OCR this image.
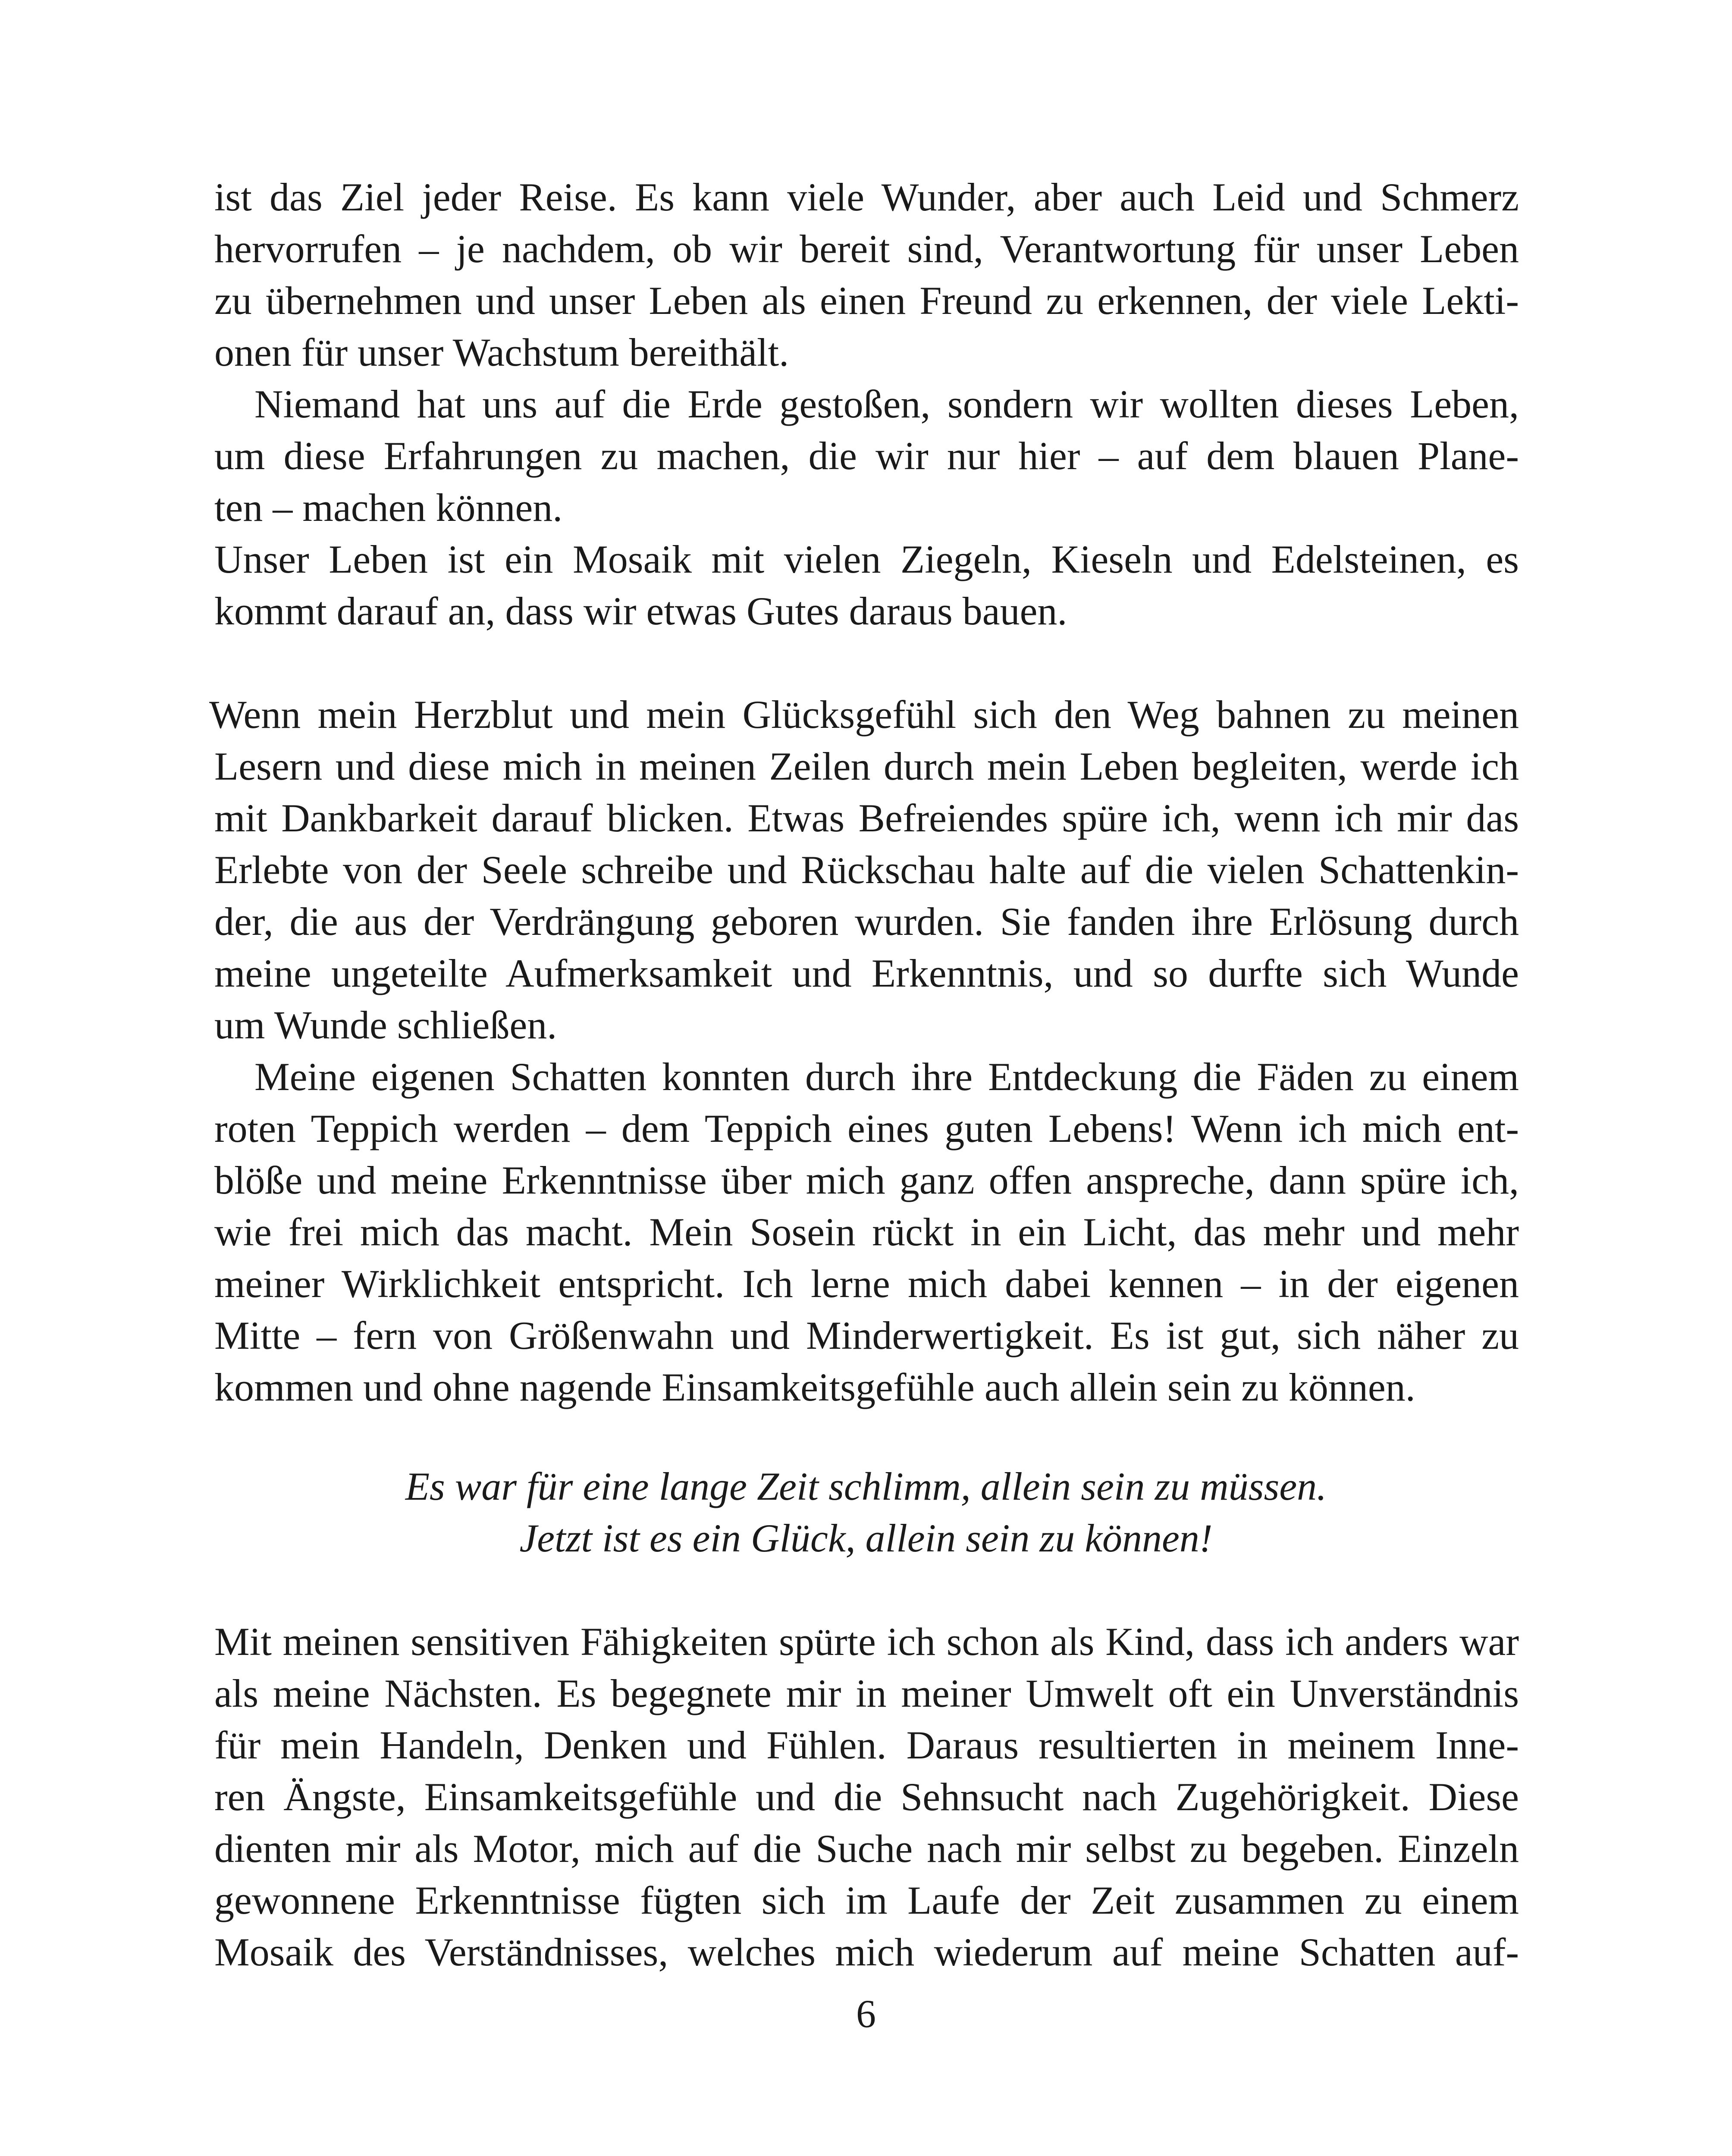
ist das Ziel jeder Reise. Es kann viele Wunder, aber auch Leid und Schmerz
hervorrufen – je nachdem, ob wir bereit sind, Verantwortung für unser Leben
zu übernehmen und unser Leben als einen Freund zu erkennen, der viele Lekti-
onen für unser Wachstum bereithält.
Niemand hat uns auf die Erde gestoßen, sondern wir wollten dieses Leben,
um diese Erfahrungen zu machen, die wir nur hier – auf dem blauen Plane-
ten – machen können.
Unser Leben ist ein Mosaik mit vielen Ziegeln, Kieseln und Edelsteinen, es
kommt darauf an, dass wir etwas Gutes daraus bauen.
Wenn mein Herzblut und mein Glücksgefühl sich den Weg bahnen zu meinen
Lesern und diese mich in meinen Zeilen durch mein Leben begleiten, werde ich
mit Dankbarkeit darauf blicken. Etwas Befreiendes spüre ich, wenn ich mir das
Erlebte von der Seele schreibe und Rückschau halte auf die vielen Schattenkin-
der, die aus der Verdrängung geboren wurden. Sie fanden ihre Erlösung durch
meine ungeteilte Aufmerksamkeit und Erkenntnis, und so durfte sich Wunde
um Wunde schließen.
Meine eigenen Schatten konnten durch ihre Entdeckung die Fäden zu einem
roten Teppich werden – dem Teppich eines guten Lebens! Wenn ich mich ent-
blöße und meine Erkenntnisse über mich ganz offen anspreche, dann spüre ich,
wie frei mich das macht. Mein Sosein rückt in ein Licht, das mehr und mehr
meiner Wirklichkeit entspricht. Ich lerne mich dabei kennen – in der eigenen
Mitte – fern von Größenwahn und Minderwertigkeit. Es ist gut, sich näher zu
kommen und ohne nagende Einsamkeitsgefühle auch allein sein zu können.
Es war für eine lange Zeit schlimm, allein sein zu müssen.
Jetzt ist es ein Glück, allein sein zu können!
Mit meinen sensitiven Fähigkeiten spürte ich schon als Kind, dass ich anders war
als meine Nächsten. Es begegnete mir in meiner Umwelt oft ein Unverständnis
für mein Handeln, Denken und Fühlen. Daraus resultierten in meinem Inne-
ren Ängste, Einsamkeitsgefühle und die Sehnsucht nach Zugehörigkeit. Diese
dienten mir als Motor, mich auf die Suche nach mir selbst zu begeben. Einzeln
gewonnene Erkenntnisse fügten sich im Laufe der Zeit zusammen zu einem
Mosaik des Verständnisses, welches mich wiederum auf meine Schatten auf-
6
